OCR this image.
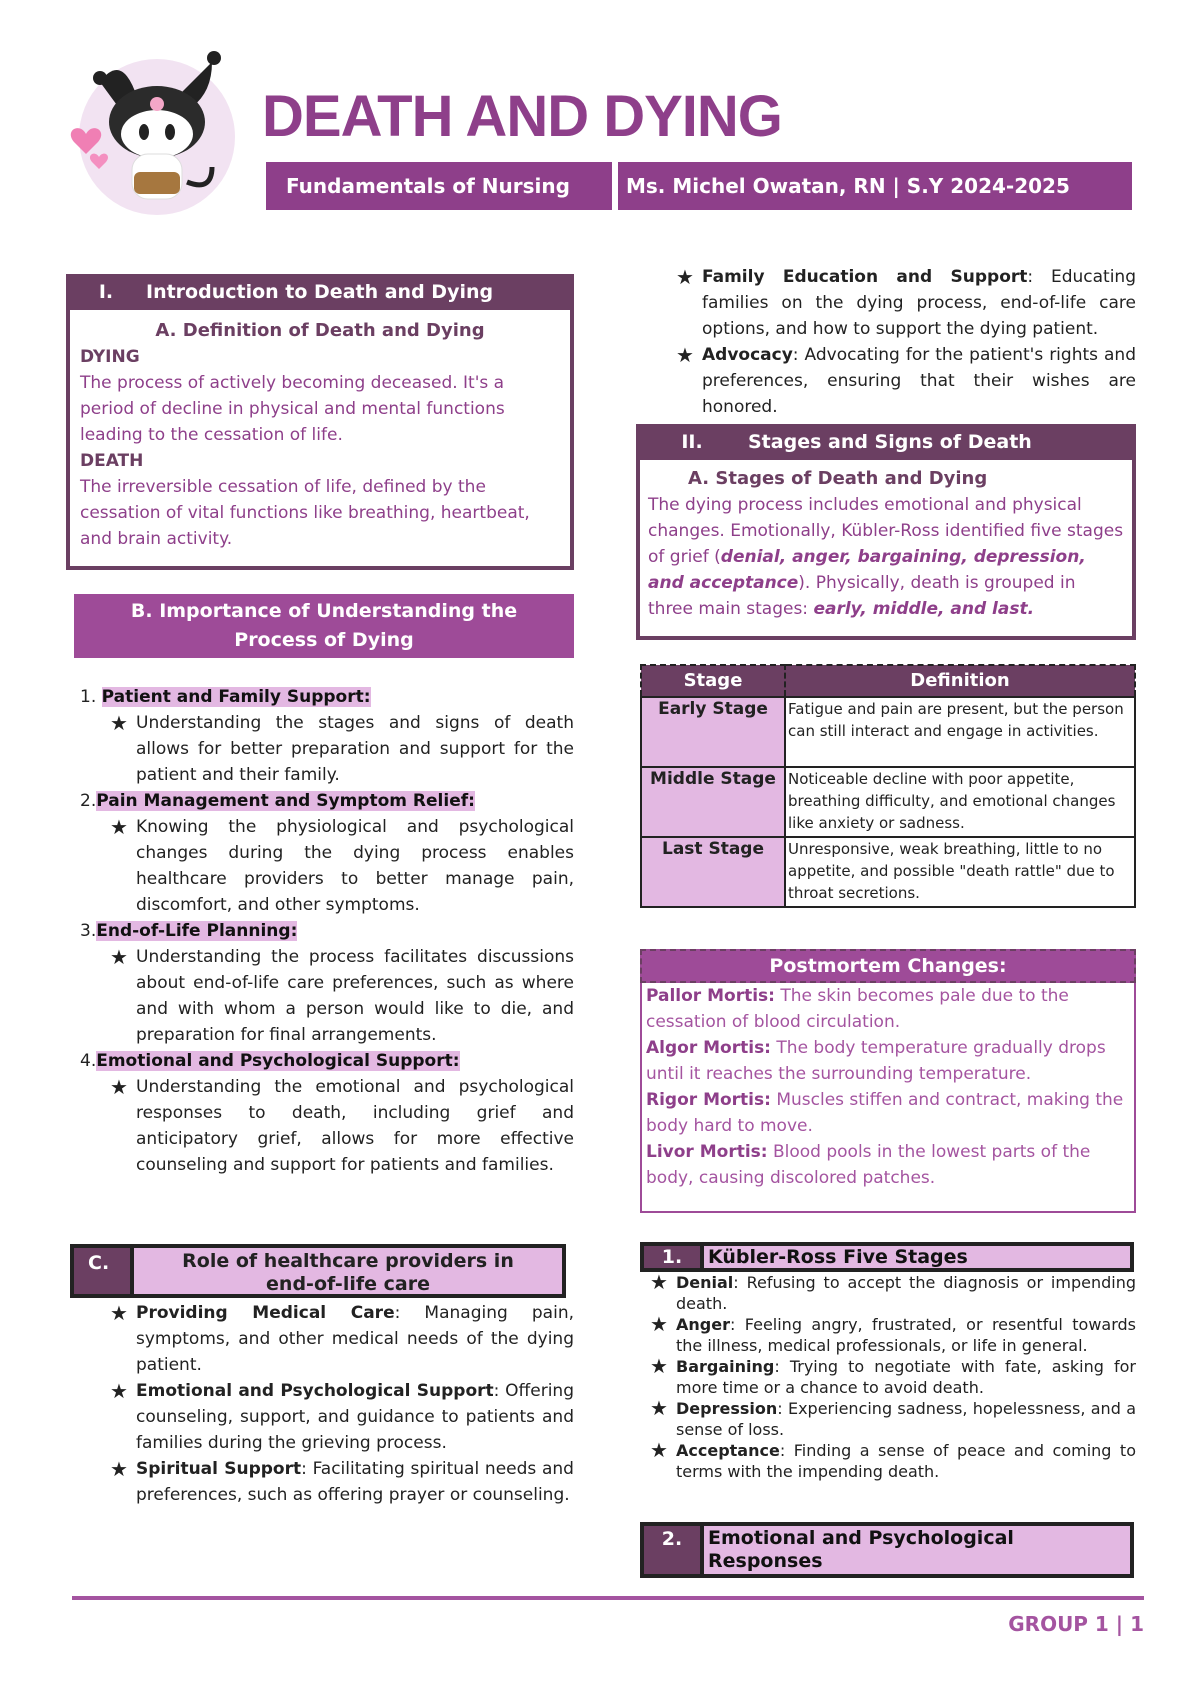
DEATH AND DYING
Fundamentals of Nursing	Ms. Michel Owatan, RN | S.Y 2024-2025
I.	Introduction to Death and Dying
A. Definition of Death and Dying
DYING
The process of actively becoming deceased. It's a period of decline in physical and mental functions leading to the cessation of life.
DEATH
The irreversible cessation of life, defined by the cessation of vital functions like breathing, heartbeat, and brain activity.
B. Importance of Understanding the
Process of Dying
1. Patient and Family Support:
★ Understanding the stages and signs of death allows for better preparation and support for the patient and their family.
2.Pain Management and Symptom Relief:
★ Knowing the physiological and psychological changes during the dying process enables healthcare providers to better manage pain, discomfort, and other symptoms.
3.End-of-Life Planning:
★ Understanding the process facilitates discussions about end-of-life care preferences, such as where and with whom a person would like to die, and preparation for final arrangements.
4.Emotional and Psychological Support:
★ Understanding the emotional and psychological responses to death, including grief and anticipatory grief, allows for more effective counseling and support for patients and families.
C.	Role of healthcare providers in
end-of-life care
★ Providing Medical Care: Managing pain, symptoms, and other medical needs of the dying patient.
★ Emotional and Psychological Support: Offering counseling, support, and guidance to patients and families during the grieving process.
★ Spiritual Support: Facilitating spiritual needs and preferences, such as offering prayer or counseling.
★ Family Education and Support: Educating families on the dying process, end-of-life care options, and how to support the dying patient.
★ Advocacy: Advocating for the patient's rights and preferences, ensuring that their wishes are honored.
II.	Stages and Signs of Death
A. Stages of Death and Dying
The dying process includes emotional and physical changes. Emotionally, Kübler-Ross identified five stages of grief (denial, anger, bargaining, depression, and acceptance). Physically, death is grouped in three main stages: early, middle, and last.
Stage	Definition
Early Stage	Fatigue and pain are present, but the person can still interact and engage in activities.
Middle Stage	Noticeable decline with poor appetite, breathing difficulty, and emotional changes like anxiety or sadness.
Last Stage	Unresponsive, weak breathing, little to no appetite, and possible "death rattle" due to throat secretions.
Postmortem Changes:
Pallor Mortis: The skin becomes pale due to the cessation of blood circulation.
Algor Mortis: The body temperature gradually drops until it reaches the surrounding temperature.
Rigor Mortis: Muscles stiffen and contract, making the body hard to move.
Livor Mortis: Blood pools in the lowest parts of the body, causing discolored patches.
1.	Kübler-Ross Five Stages
★ Denial: Refusing to accept the diagnosis or impending death.
★ Anger: Feeling angry, frustrated, or resentful towards the illness, medical professionals, or life in general.
★ Bargaining: Trying to negotiate with fate, asking for more time or a chance to avoid death.
★ Depression: Experiencing sadness, hopelessness, and a sense of loss.
★ Acceptance: Finding a sense of peace and coming to terms with the impending death.
2.	Emotional and Psychological
Responses
GROUP 1 | 1
